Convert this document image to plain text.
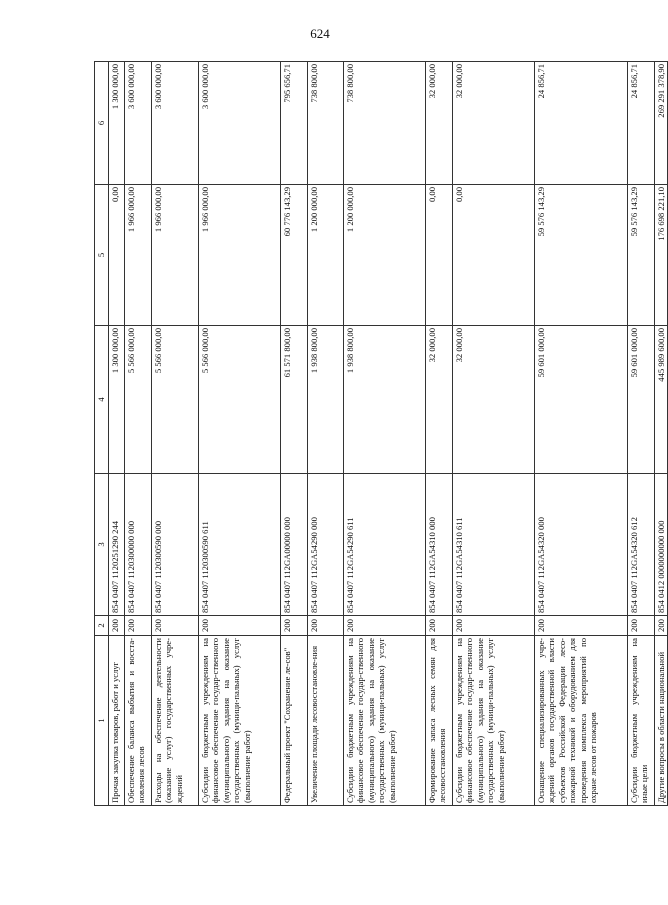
624
1	2	3	4	5	6
Прочая закупка товаров, работ и услуг	200	854 0407 1120251290 244	1 300 000,00	0,00	1 300 000,00
Обеспечение баланса выбытия и восста-новления лесов	200	854 0407 1120300000 000	5 566 000,00	1 966 000,00	3 600 000,00
Расходы на обеспечение деятельности (оказание услуг) государственных учре-ждений	200	854 0407 1120300590 000	5 566 000,00	1 966 000,00	3 600 000,00
Субсидии бюджетным учреждениям на финансовое обеспечение государ-ственного (муниципального) задания на оказание государственных (муници-пальных) услуг (выполнение работ)	200	854 0407 1120300590 611	5 566 000,00	1 966 000,00	3 600 000,00
Федеральный проект "Сохранение ле-сов"	200	854 0407 112GA00000 000	61 571 800,00	60 776 143,29	795 656,71
Увеличение площади лесовосстановле-ния	200	854 0407 112GA54290 000	1 938 800,00	1 200 000,00	738 800,00
Субсидии бюджетным учреждениям на финансовое обеспечение государ-ственного (муниципального) задания на оказание государственных (муници-пальных) услуг (выполнение работ)	200	854 0407 112GA54290 611	1 938 800,00	1 200 000,00	738 800,00
Формирование запаса лесных семян для лесовосстановления	200	854 0407 112GA54310 000	32 000,00	0,00	32 000,00
Субсидии бюджетным учреждениям на финансовое обеспечение государ-ственного (муниципального) задания на оказание государственных (муници-пальных) услуг (выполнение работ)	200	854 0407 112GA54310 611	32 000,00	0,00	32 000,00
Оснащение специализированных учре-ждений органов государственной власти субъектов Российской Федерации лесо-пожарной техникой и оборудованием для проведения комплекса мероприятий по охране лесов от пожаров	200	854 0407 112GA54320 000	59 601 000,00	59 576 143,29	24 856,71
Субсидии бюджетным учреждениям на иные цели	200	854 0407 112GA54320 612	59 601 000,00	59 576 143,29	24 856,71
Другие вопросы в области национальной	200	854 0412 0000000000 000	445 989 600,00	176 698 221,10	269 291 378,90
